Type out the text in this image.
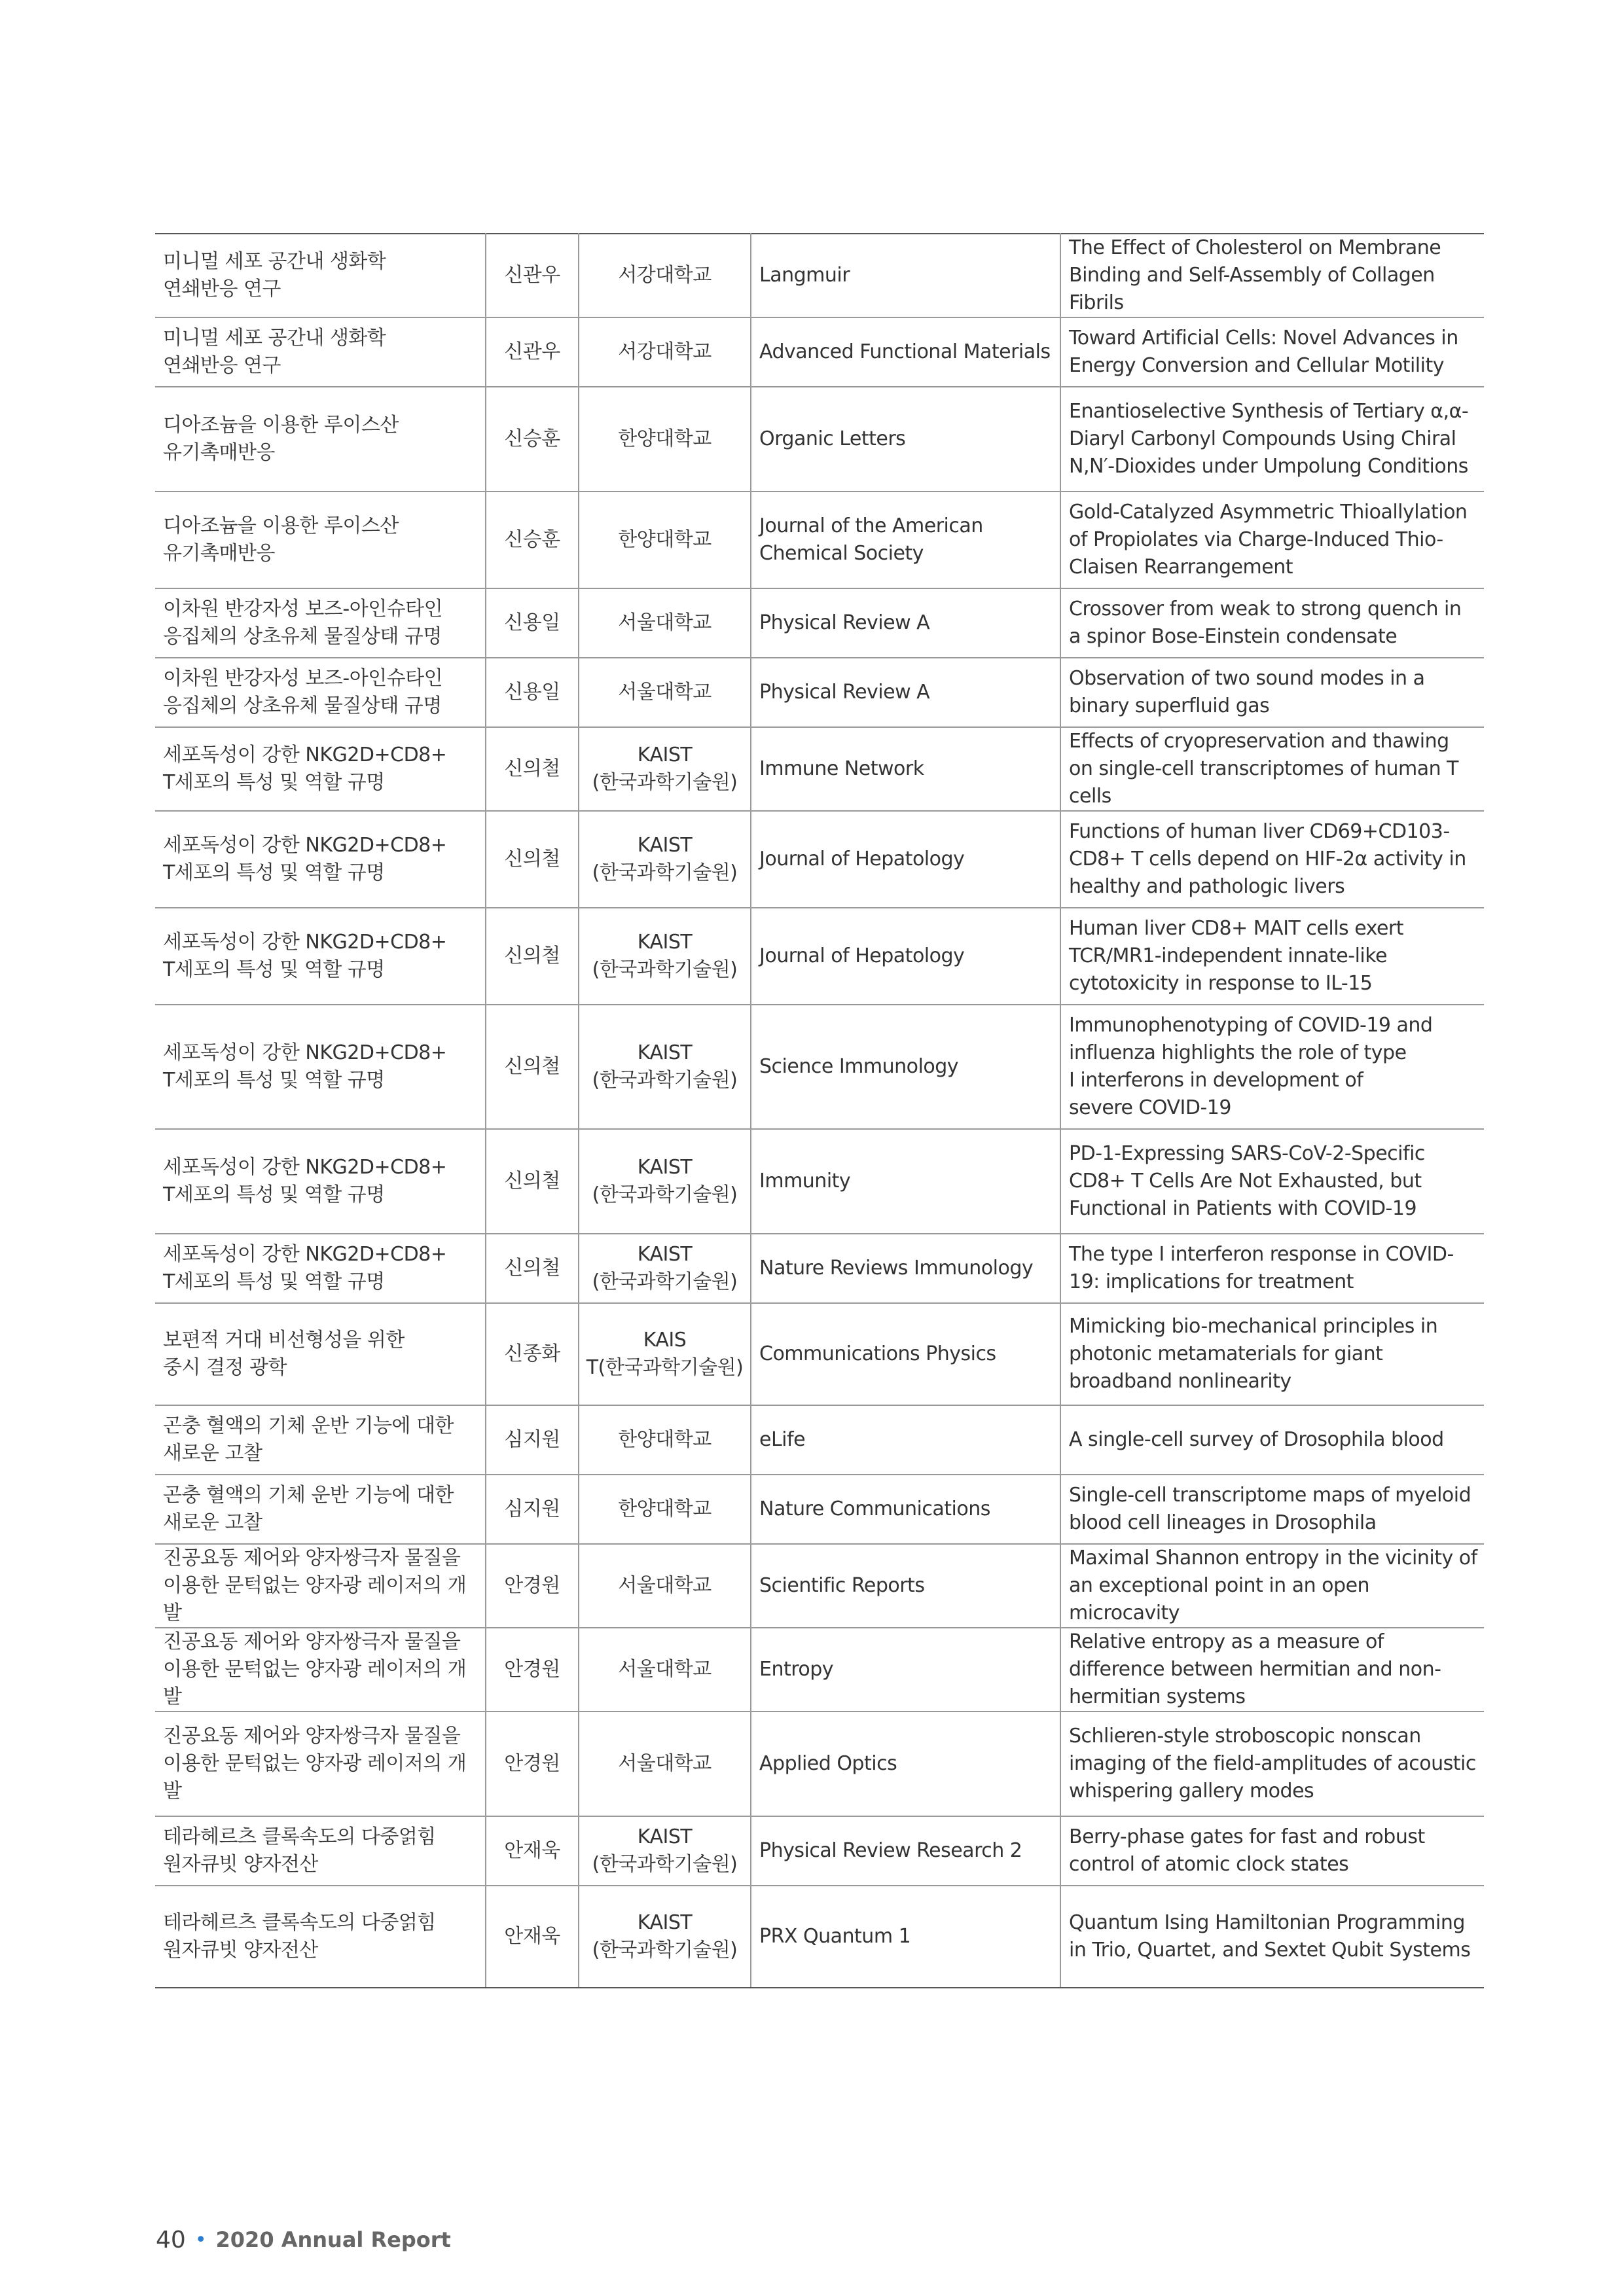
미니멀 세포 공간내 생화학
연쇄반응 연구	신관우	서강대학교	Langmuir	The Effect of Cholesterol on Membrane Binding and Self-Assembly of Collagen Fibrils
미니멀 세포 공간내 생화학
연쇄반응 연구	신관우	서강대학교	Advanced Functional Materials	Toward Artificial Cells: Novel Advances in Energy Conversion and Cellular Motility
디아조늄을 이용한 루이스산
유기촉매반응	신승훈	한양대학교	Organic Letters	Enantioselective Synthesis of Tertiary α,α-Diaryl Carbonyl Compounds Using Chiral N,N′-Dioxides under Umpolung Conditions
디아조늄을 이용한 루이스산
유기촉매반응	신승훈	한양대학교	Journal of the American
Chemical Society	Gold-Catalyzed Asymmetric Thioallylation of Propiolates via Charge-Induced Thio-Claisen Rearrangement
이차원 반강자성 보즈-아인슈타인
응집체의 상초유체 물질상태 규명	신용일	서울대학교	Physical Review A	Crossover from weak to strong quench in a spinor Bose-Einstein condensate
이차원 반강자성 보즈-아인슈타인
응집체의 상초유체 물질상태 규명	신용일	서울대학교	Physical Review A	Observation of two sound modes in a binary superfluid gas
세포독성이 강한 NKG2D+CD8+
T세포의 특성 및 역할 규명	신의철	KAIST
(한국과학기술원)	Immune Network	Effects of cryopreservation and thawing on single-cell transcriptomes of human T cells
세포독성이 강한 NKG2D+CD8+
T세포의 특성 및 역할 규명	신의철	KAIST
(한국과학기술원)	Journal of Hepatology	Functions of human liver CD69+CD103-CD8+ T cells depend on HIF-2α activity in healthy and pathologic livers
세포독성이 강한 NKG2D+CD8+
T세포의 특성 및 역할 규명	신의철	KAIST
(한국과학기술원)	Journal of Hepatology	Human liver CD8+ MAIT cells exert TCR/MR1-independent innate-like cytotoxicity in response to IL-15
세포독성이 강한 NKG2D+CD8+
T세포의 특성 및 역할 규명	신의철	KAIST
(한국과학기술원)	Science Immunology	Immunophenotyping of COVID-19 and
influenza highlights the role of type
I interferons in development of
severe COVID-19
세포독성이 강한 NKG2D+CD8+
T세포의 특성 및 역할 규명	신의철	KAIST
(한국과학기술원)	Immunity	PD-1-Expressing SARS-CoV-2-Specific CD8+ T Cells Are Not Exhausted, but Functional in Patients with COVID-19
세포독성이 강한 NKG2D+CD8+
T세포의 특성 및 역할 규명	신의철	KAIST
(한국과학기술원)	Nature Reviews Immunology	The type I interferon response in COVID-19: implications for treatment
보편적 거대 비선형성을 위한
중시 결정 광학	신종화	KAIS
T(한국과학기술원)	Communications Physics	Mimicking bio-mechanical principles in photonic metamaterials for giant broadband nonlinearity
곤충 혈액의 기체 운반 기능에 대한
새로운 고찰	심지원	한양대학교	eLife	A single-cell survey of Drosophila blood
곤충 혈액의 기체 운반 기능에 대한
새로운 고찰	심지원	한양대학교	Nature Communications	Single-cell transcriptome maps of myeloid blood cell lineages in Drosophila
진공요동 제어와 양자쌍극자 물질을
이용한 문턱없는 양자광 레이저의 개발	안경원	서울대학교	Scientific Reports	Maximal Shannon entropy in the vicinity of an exceptional point in an open microcavity
진공요동 제어와 양자쌍극자 물질을
이용한 문턱없는 양자광 레이저의 개발	안경원	서울대학교	Entropy	Relative entropy as a measure of difference between hermitian and non-hermitian systems
진공요동 제어와 양자쌍극자 물질을
이용한 문턱없는 양자광 레이저의 개발	안경원	서울대학교	Applied Optics	Schlieren-style stroboscopic nonscan imaging of the field-amplitudes of acoustic whispering gallery modes
테라헤르츠 클록속도의 다중얽힘
원자큐빗 양자전산	안재욱	KAIST
(한국과학기술원)	Physical Review Research 2	Berry-phase gates for fast and robust control of atomic clock states
테라헤르츠 클록속도의 다중얽힘
원자큐빗 양자전산	안재욱	KAIST
(한국과학기술원)	PRX Quantum 1	Quantum Ising Hamiltonian Programming in Trio, Quartet, and Sextet Qubit Systems
40 • 2020 Annual Report
